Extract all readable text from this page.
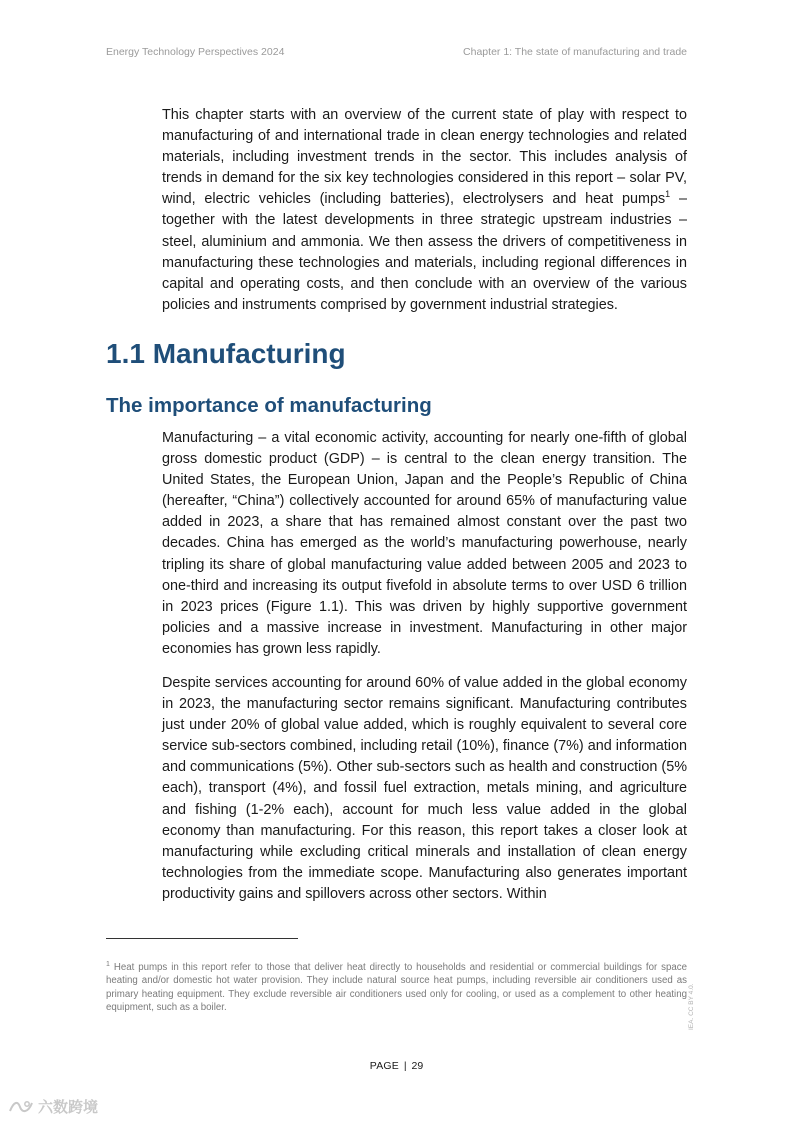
Energy Technology Perspectives 2024	Chapter 1: The state of manufacturing and trade

This chapter starts with an overview of the current state of play with respect to manufacturing of and international trade in clean energy technologies and related materials, including investment trends in the sector. This includes analysis of trends in demand for the six key technologies considered in this report – solar PV, wind, electric vehicles (including batteries), electrolysers and heat pumps$^1$ – together with the latest developments in three strategic upstream industries – steel, aluminium and ammonia. We then assess the drivers of competitiveness in manufacturing these technologies and materials, including regional differences in capital and operating costs, and then conclude with an overview of the various policies and instruments comprised by government industrial strategies.

1.1 Manufacturing
The importance of manufacturing

Manufacturing – a vital economic activity, accounting for nearly one-fifth of global gross domestic product (GDP) – is central to the clean energy transition. The United States, the European Union, Japan and the People’s Republic of China (hereafter, “China”) collectively accounted for around 65% of manufacturing value added in 2023, a share that has remained almost constant over the past two decades. China has emerged as the world’s manufacturing powerhouse, nearly tripling its share of global manufacturing value added between 2005 and 2023 to one-third and increasing its output fivefold in absolute terms to over USD 6 trillion in 2023 prices (Figure 1.1). This was driven by highly supportive government policies and a massive increase in investment. Manufacturing in other major economies has grown less rapidly.

Despite services accounting for around 60% of value added in the global economy in 2023, the manufacturing sector remains significant. Manufacturing contributes just under 20% of global value added, which is roughly equivalent to several core service sub-sectors combined, including retail (10%), finance (7%) and information and communications (5%). Other sub-sectors such as health and construction (5% each), transport (4%), and fossil fuel extraction, metals mining, and agriculture and fishing (1-2% each), account for much less value added in the global economy than manufacturing. For this reason, this report takes a closer look at manufacturing while excluding critical minerals and installation of clean energy technologies from the immediate scope. Manufacturing also generates important productivity gains and spillovers across other sectors. Within

$^1$ Heat pumps in this report refer to those that deliver heat directly to households and residential or commercial buildings for space heating and/or domestic hot water provision. They include natural source heat pumps, including reversible air conditioners used as primary heating equipment. They exclude reversible air conditioners used only for cooling, or used as a complement to other heating equipment, such as a boiler.

PAGE | 29
IEA. CC BY 4.0.
六数跨境
